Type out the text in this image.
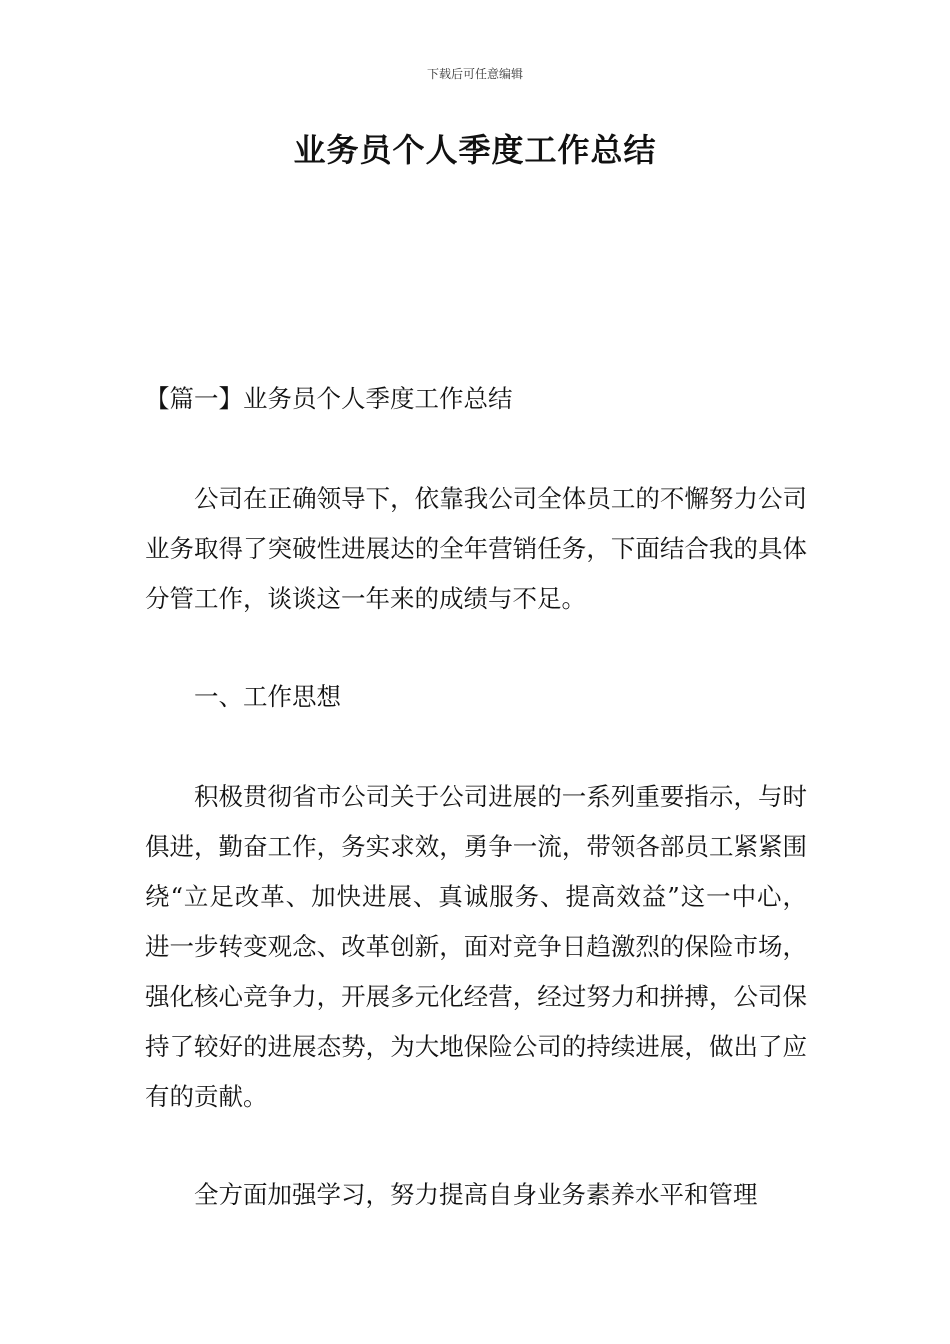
下载后可任意编辑
业务员个人季度工作总结

【篇一】业务员个人季度工作总结

公司在正确领导下，依靠我公司全体员工的不懈努力公司业务取得了突破性进展达的全年营销任务，下面结合我的具体分管工作，谈谈这一年来的成绩与不足。

一、工作思想

积极贯彻省市公司关于公司进展的一系列重要指示，与时俱进，勤奋工作，务实求效，勇争一流，带领各部员工紧紧围绕“立足改革、加快进展、真诚服务、提高效益”这一中心，进一步转变观念、改革创新，面对竞争日趋激烈的保险市场，强化核心竞争力，开展多元化经营，经过努力和拼搏，公司保持了较好的进展态势，为大地保险公司的持续进展，做出了应有的贡献。

全方面加强学习，努力提高自身业务素养水平和管理
